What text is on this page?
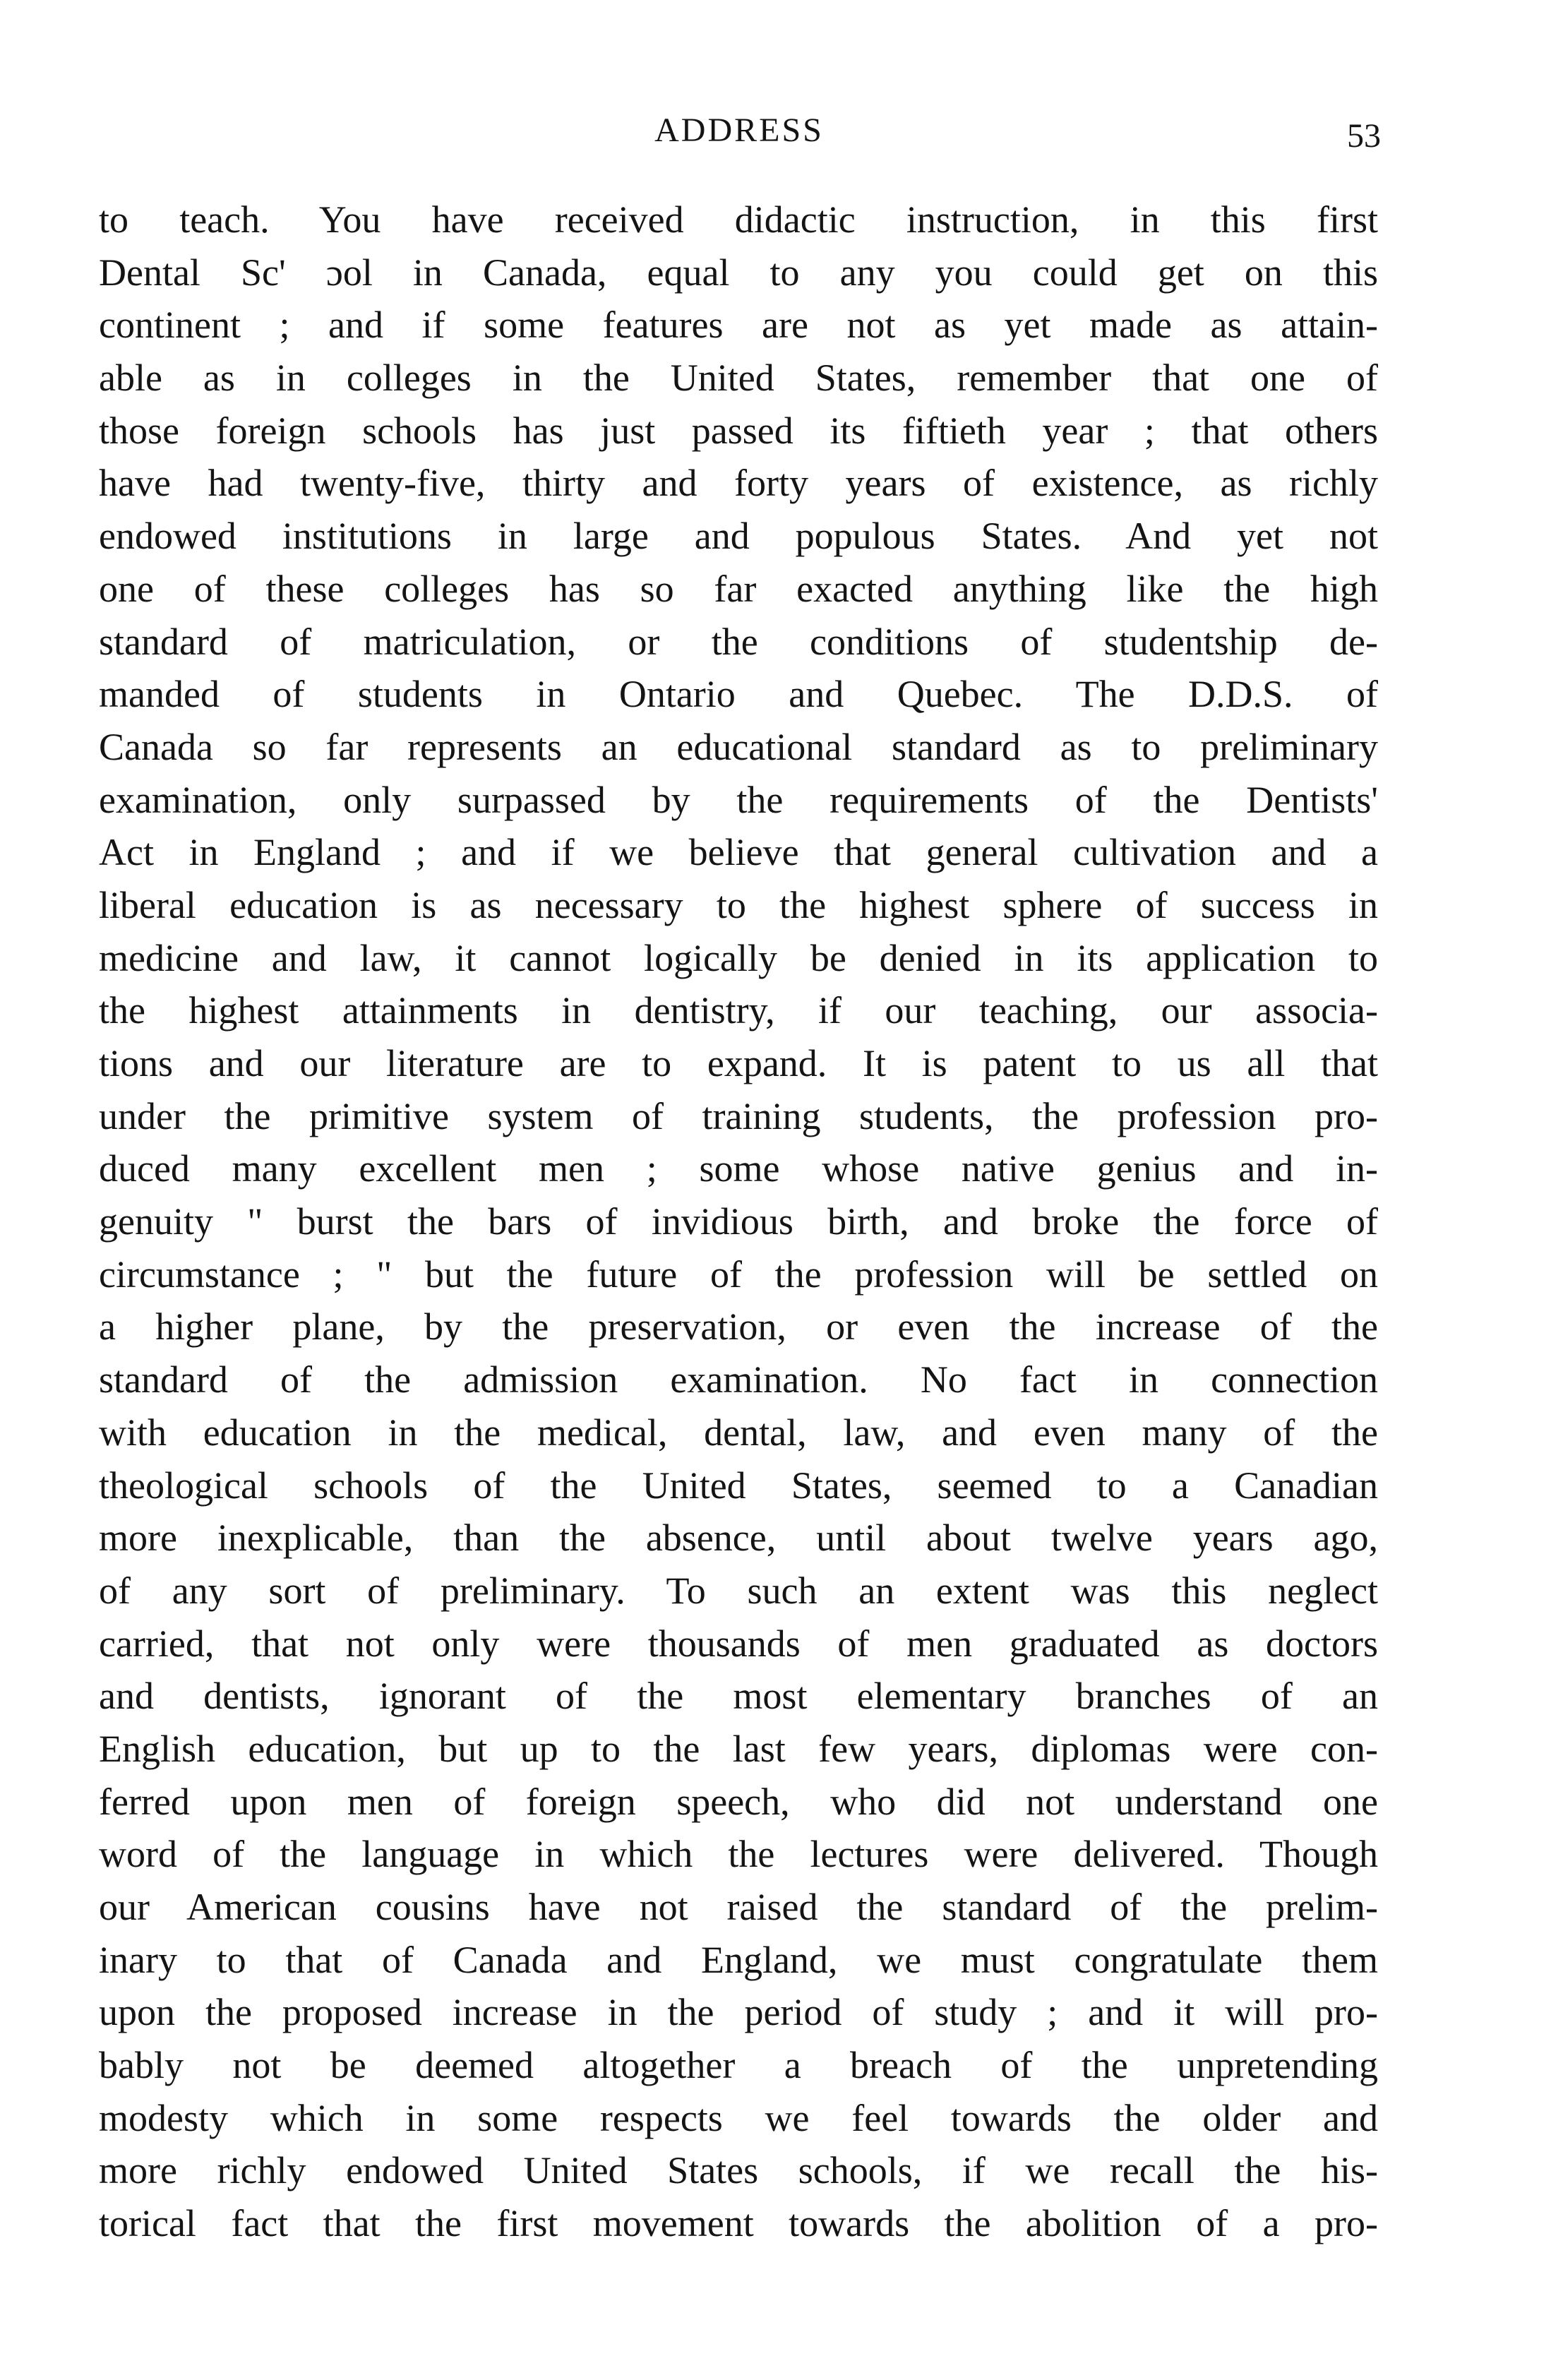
ADDRESS	53
to teach. You have received didactic instruction, in this first
Dental Sc' ɔol in Canada, equal to any you could get on this
continent ; and if some features are not as yet made as attain-
able as in colleges in the United States, remember that one of
those foreign schools has just passed its fiftieth year ; that others
have had twenty-five, thirty and forty years of existence, as richly
endowed institutions in large and populous States. And yet not
one of these colleges has so far exacted anything like the high
standard of matriculation, or the conditions of studentship de-
manded of students in Ontario and Quebec. The D.D.S. of
Canada so far represents an educational standard as to preliminary
examination, only surpassed by the requirements of the Dentists'
Act in England ; and if we believe that general cultivation and a
liberal education is as necessary to the highest sphere of success in
medicine and law, it cannot logically be denied in its application to
the highest attainments in dentistry, if our teaching, our associa-
tions and our literature are to expand. It is patent to us all that
under the primitive system of training students, the profession pro-
duced many excellent men ; some whose native genius and in-
genuity " burst the bars of invidious birth, and broke the force of
circumstance ; " but the future of the profession will be settled on
a higher plane, by the preservation, or even the increase of the
standard of the admission examination. No fact in connection
with education in the medical, dental, law, and even many of the
theological schools of the United States, seemed to a Canadian
more inexplicable, than the absence, until about twelve years ago,
of any sort of preliminary. To such an extent was this neglect
carried, that not only were thousands of men graduated as doctors
and dentists, ignorant of the most elementary branches of an
English education, but up to the last few years, diplomas were con-
ferred upon men of foreign speech, who did not understand one
word of the language in which the lectures were delivered. Though
our American cousins have not raised the standard of the prelim-
inary to that of Canada and England, we must congratulate them
upon the proposed increase in the period of study ; and it will pro-
bably not be deemed altogether a breach of the unpretending
modesty which in some respects we feel towards the older and
more richly endowed United States schools, if we recall the his-
torical fact that the first movement towards the abolition of a pro-
